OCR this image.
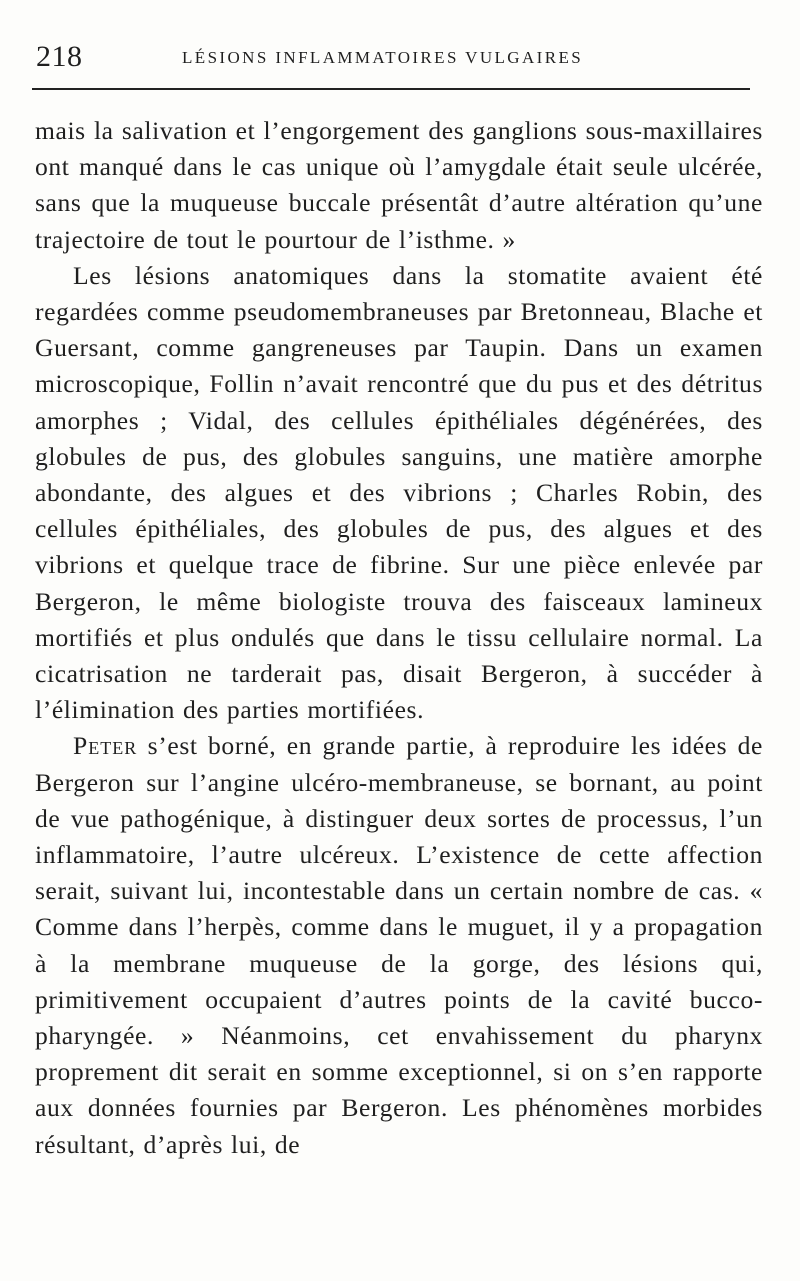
218	LÉSIONS INFLAMMATOIRES VULGAIRES

mais la salivation et l’engorgement des ganglions sous-maxillaires ont manqué dans le cas unique où l’amygdale était seule ulcérée, sans que la muqueuse buccale présentât d’autre altération qu’une trajectoire de tout le pourtour de l’isthme. »

Les lésions anatomiques dans la stomatite avaient été regardées comme pseudomembraneuses par Bretonneau, Blache et Guersant, comme gangreneuses par Taupin. Dans un examen microscopique, Follin n’avait rencontré que du pus et des détritus amorphes ; Vidal, des cellules épithéliales dégénérées, des globules de pus, des globules sanguins, une matière amorphe abondante, des algues et des vibrions ; Charles Robin, des cellules épithéliales, des globules de pus, des algues et des vibrions et quelque trace de fibrine. Sur une pièce enlevée par Bergeron, le même biologiste trouva des faisceaux lamineux mortifiés et plus ondulés que dans le tissu cellulaire normal. La cicatrisation ne tarderait pas, disait Bergeron, à succéder à l’élimination des parties mortifiées.

Peter s’est borné, en grande partie, à reproduire les idées de Bergeron sur l’angine ulcéro-membraneuse, se bornant, au point de vue pathogénique, à distinguer deux sortes de processus, l’un inflammatoire, l’autre ulcéreux. L’existence de cette affection serait, suivant lui, incontestable dans un certain nombre de cas. « Comme dans l’herpès, comme dans le muguet, il y a propagation à la membrane muqueuse de la gorge, des lésions qui, primitivement occupaient d’autres points de la cavité bucco-pharyngée. » Néanmoins, cet envahissement du pharynx proprement dit serait en somme exceptionnel, si on s’en rapporte aux données fournies par Bergeron. Les phénomènes morbides résultant, d’après lui, de
